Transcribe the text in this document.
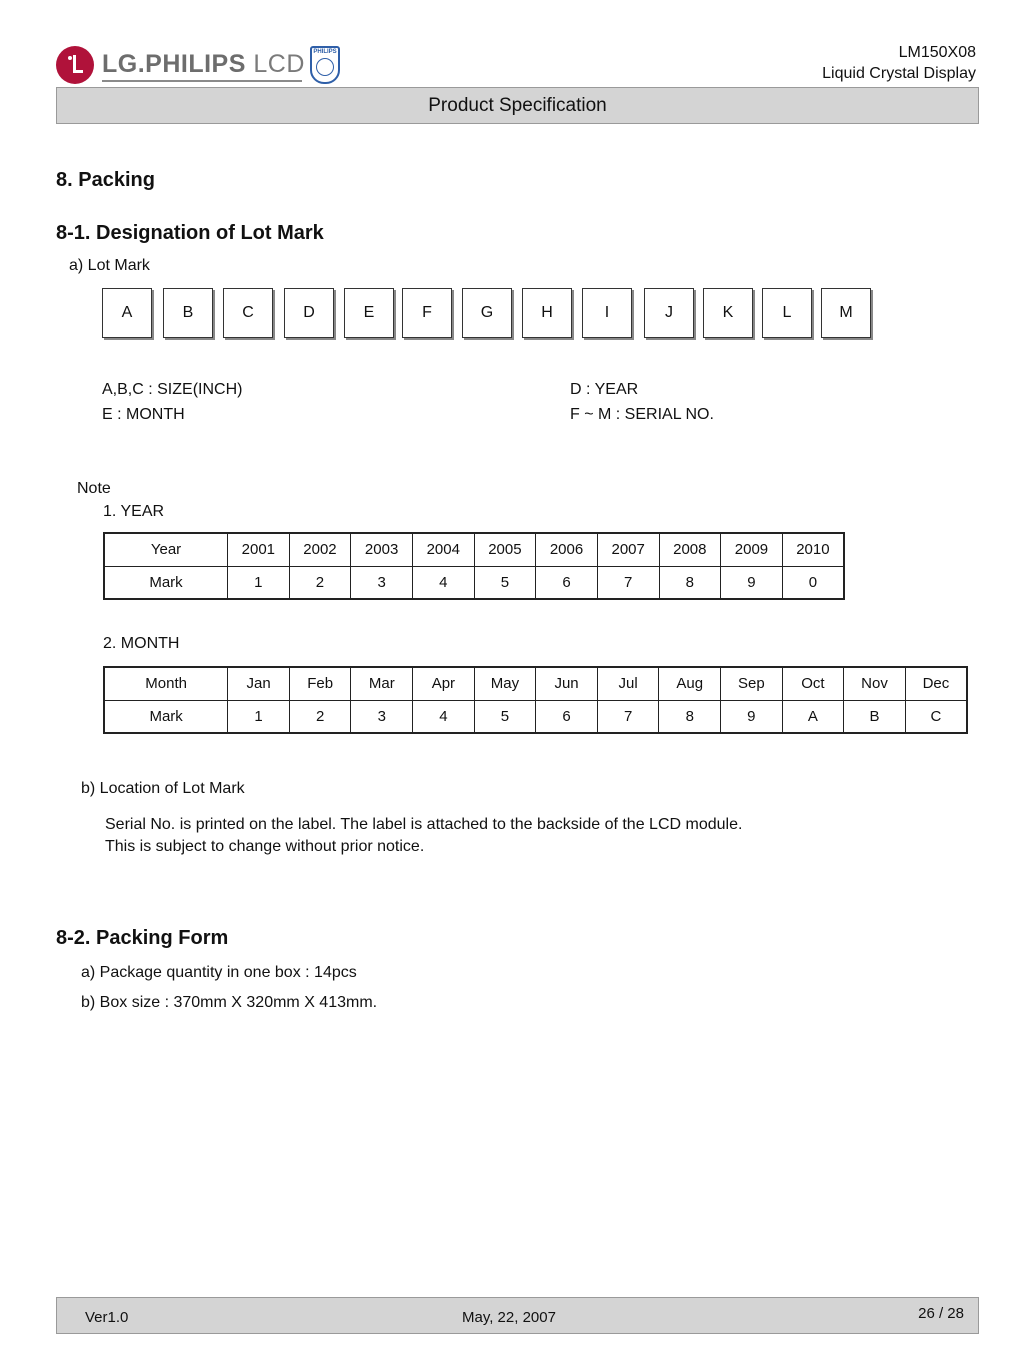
LG.PHILIPS LCD PHILIPS	LM150X08
Liquid Crystal Display
Product Specification
8. Packing
8-1. Designation of Lot Mark
a) Lot Mark
A	B	C	D	E	F	G	H	I	J	K	L	M
A,B,C : SIZE(INCH)	D : YEAR
E : MONTH	F ~ M : SERIAL NO.
Note
1. YEAR
Year	2001	2002	2003	2004	2005	2006	2007	2008	2009	2010
Mark	1	2	3	4	5	6	7	8	9	0
2. MONTH
Month	Jan	Feb	Mar	Apr	May	Jun	Jul	Aug	Sep	Oct	Nov	Dec
Mark	1	2	3	4	5	6	7	8	9	A	B	C
b) Location of Lot Mark
Serial No. is printed on the label. The label is attached to the backside of the LCD module.
This is subject to change without prior notice.
8-2. Packing Form
a) Package quantity in one box : 14pcs
b) Box size : 370mm X 320mm X 413mm.
Ver1.0	May, 22, 2007	26 / 28
